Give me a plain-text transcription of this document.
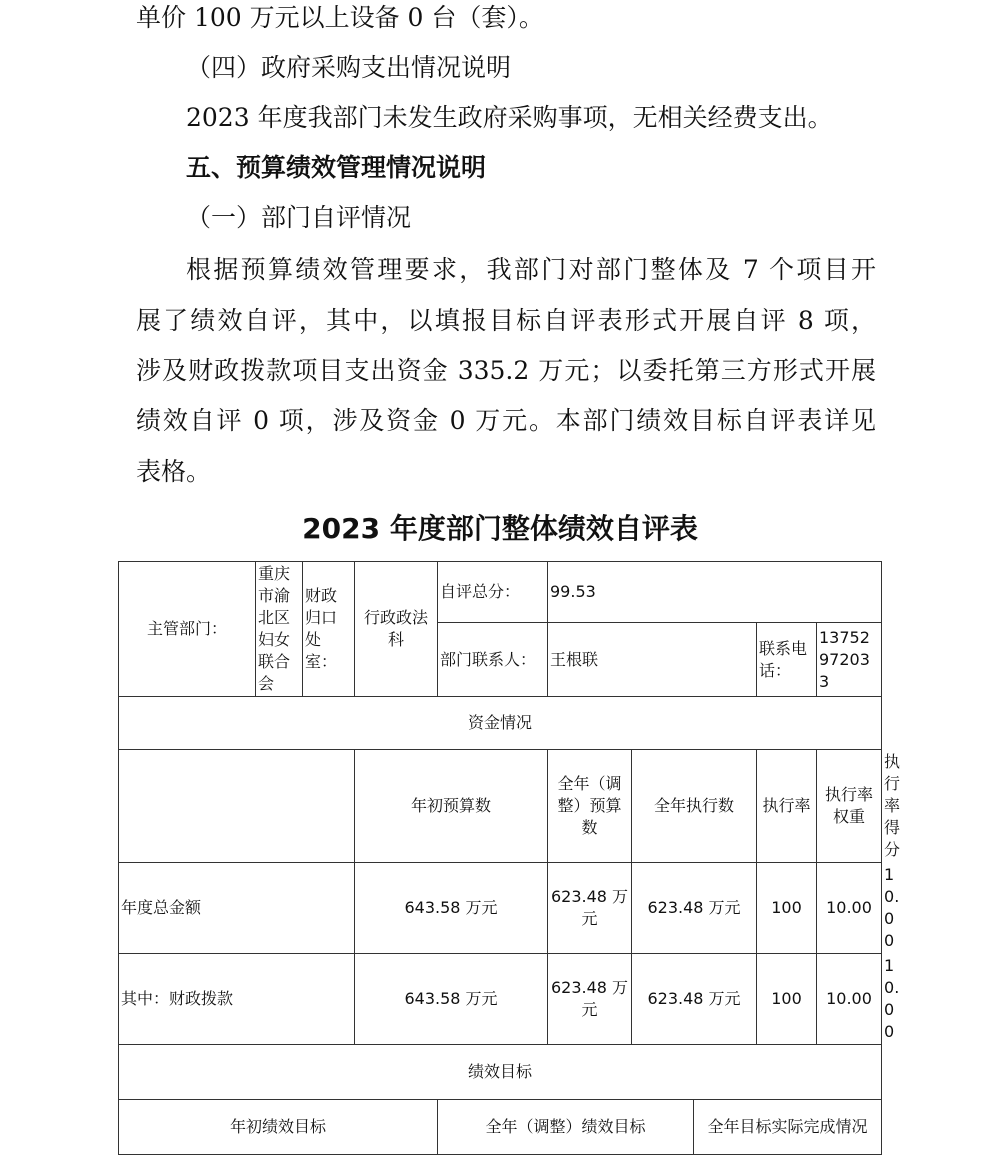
单价 100 万元以上设备 0 台（套）。
（四）政府采购支出情况说明
2023 年度我部门未发生政府采购事项，无相关经费支出。
五、预算绩效管理情况说明
（一）部门自评情况
根据预算绩效管理要求，我部门对部门整体及 7 个项目开
展了绩效自评，其中，以填报目标自评表形式开展自评 8 项，
涉及财政拨款项目支出资金 335.2 万元；以委托第三方形式开展
绩效自评 0 项，涉及资金 0 万元。本部门绩效目标自评表详见
表格。
2023 年度部门整体绩效自评表
主管部门：	重庆市渝北区妇女联合会	财政归口处室：	行政政法科	自评总分：	99.53					
				部门联系人：	王根联			联系电话：	13752972033	
资金情况										
			年初预算数		全年（调整）预算数	全年执行数		执行率	执行率权重	执行率得分
年度总金额			643.58 万元		623.48 万元	623.48 万元		100	10.00	10.00
其中：财政拨款			643.58 万元		623.48 万元	623.48 万元		100	10.00	10.00
绩效目标										
年初绩效目标				全年（调整）绩效目标			全年目标实际完成情况			
